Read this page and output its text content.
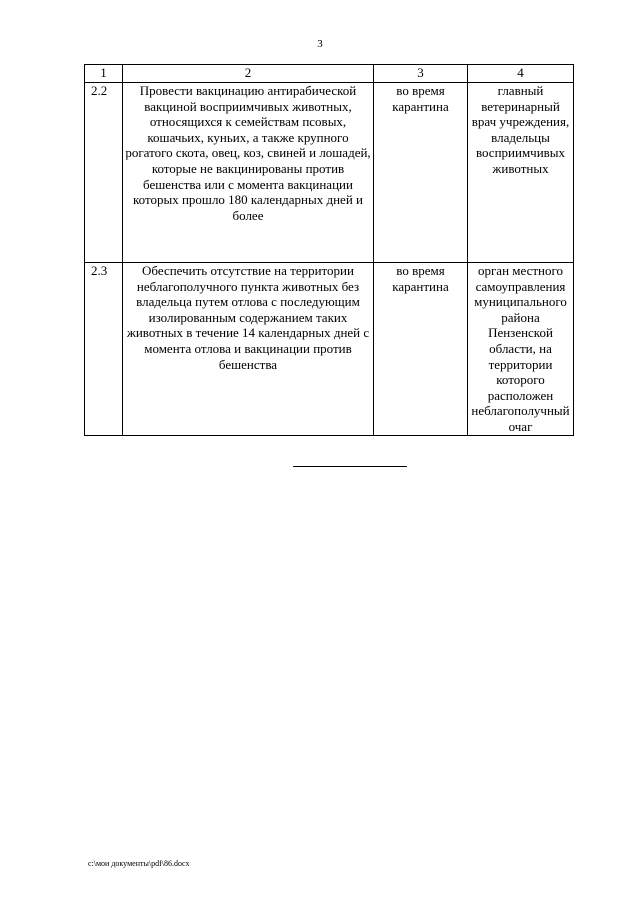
3
1	2	3	4
2.2	Провести вакцинацию антирабической вакциной восприимчивых животных, относящихся к семействам псовых, кошачьих, куньих, а также крупного рогатого скота, овец, коз, свиней и лошадей, которые не вакцинированы против бешенства или с момента вакцинации которых прошло 180 календарных дней и более	во время карантина	главный ветеринарный врач учреждения, владельцы восприимчивых животных
2.3	Обеспечить отсутствие на территории неблагополучного пункта животных без владельца путем отлова с последующим изолированным содержанием таких животных в течение 14 календарных дней с момента отлова и вакцинации против бешенства	во время карантина	орган местного самоуправления муниципального района Пензенской области, на территории которого расположен неблагополучный очаг
c:\мои документы\pdf\86.docx
